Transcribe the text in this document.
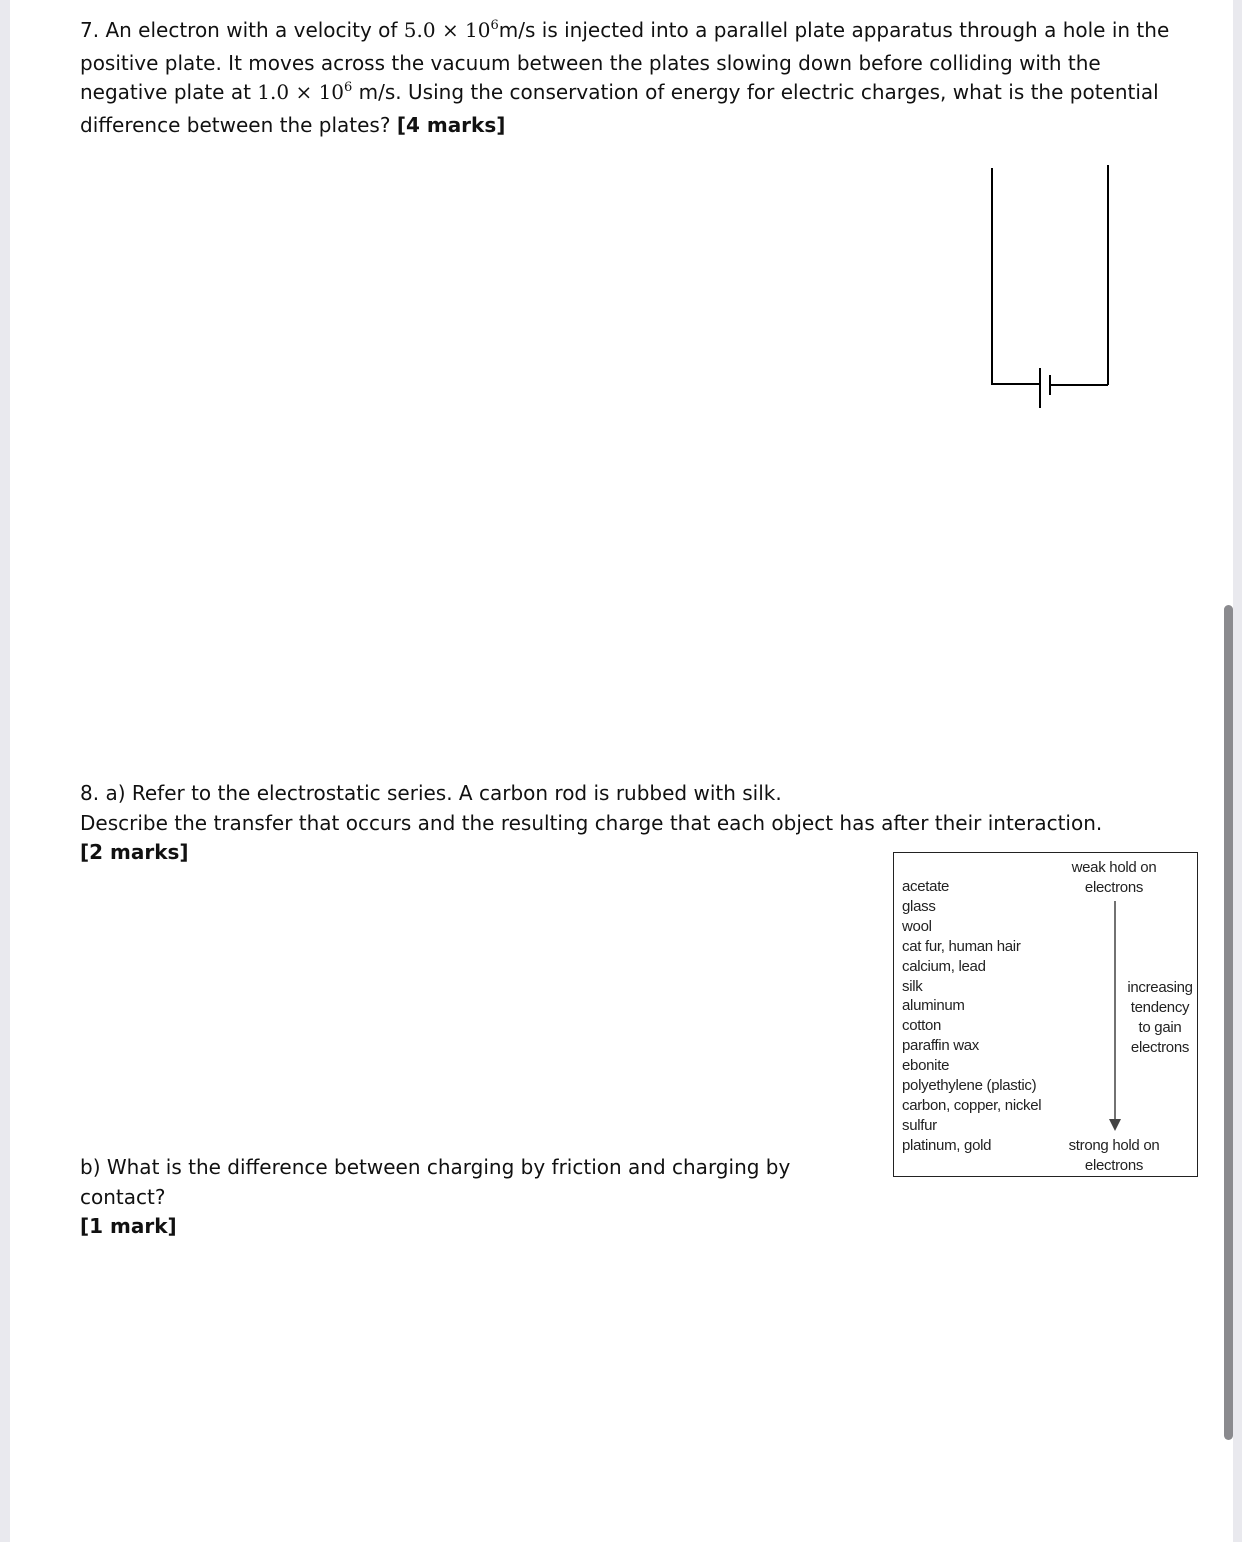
7. An electron with a velocity of $5.0 \times 10^6m/s$ is injected into a parallel plate apparatus through a hole in the positive plate. It moves across the vacuum between the plates slowing down before colliding with the negative plate at $1.0 \times 10^6$ m/s. Using the conservation of energy for electric charges, what is the potential difference between the plates? [4 marks]

8. a) Refer to the electrostatic series. A carbon rod is rubbed with silk.
Describe the transfer that occurs and the resulting charge that each object has after their interaction.
[2 marks]
b) What is the difference between charging by friction and charging by contact?
[1 mark]
weak hold on
electrons
acetate
glass
wool
cat fur, human hair
calcium, lead
silk
aluminum
cotton
paraffin wax
ebonite
polyethylene (plastic)
carbon, copper, nickel
sulfur
platinum, gold
increasing
tendency
to gain
electrons
strong hold on
electrons
